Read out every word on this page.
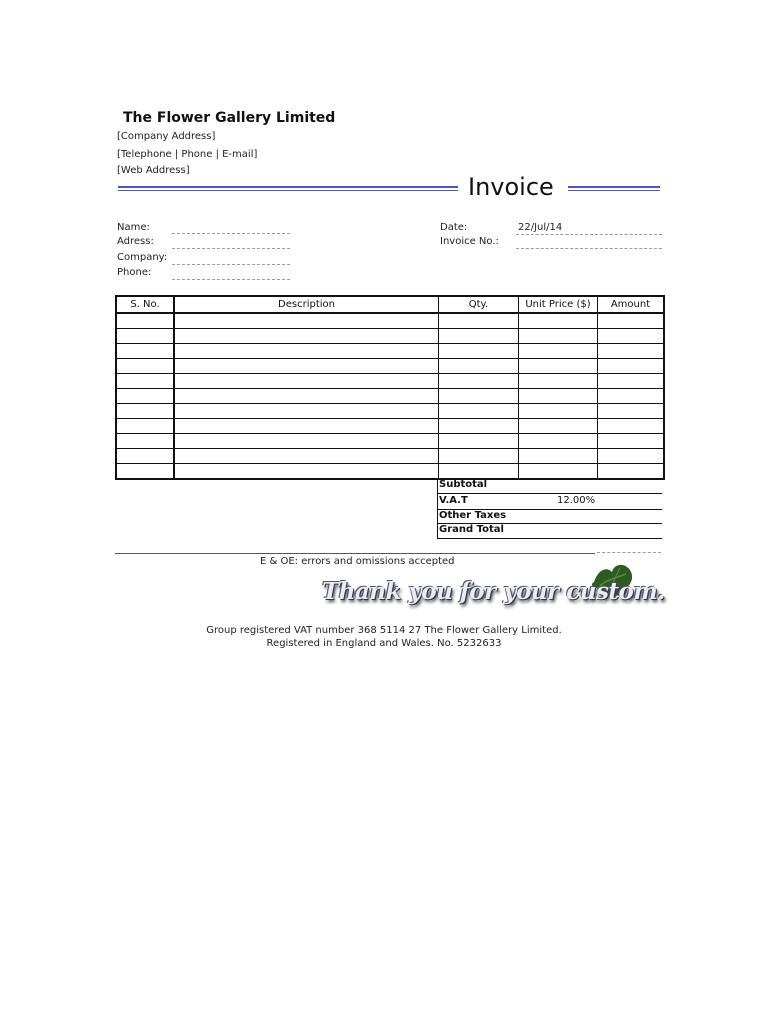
The Flower Gallery Limited
[Company Address]
[Telephone | Phone | E-mail]
[Web Address]
Invoice
Name:
Adress:
Company:
Phone:
Date:	22/Jul/14
Invoice No.:
S. No.	Description	Qty.	Unit Price ($)	Amount

Subtotal
V.A.T	12.00%
Other Taxes
Grand Total
E & OE: errors and omissions accepted
Thank you for your custom.
Group registered VAT number 368 5114 27 The Flower Gallery Limited.
Registered in England and Wales. No. 5232633
